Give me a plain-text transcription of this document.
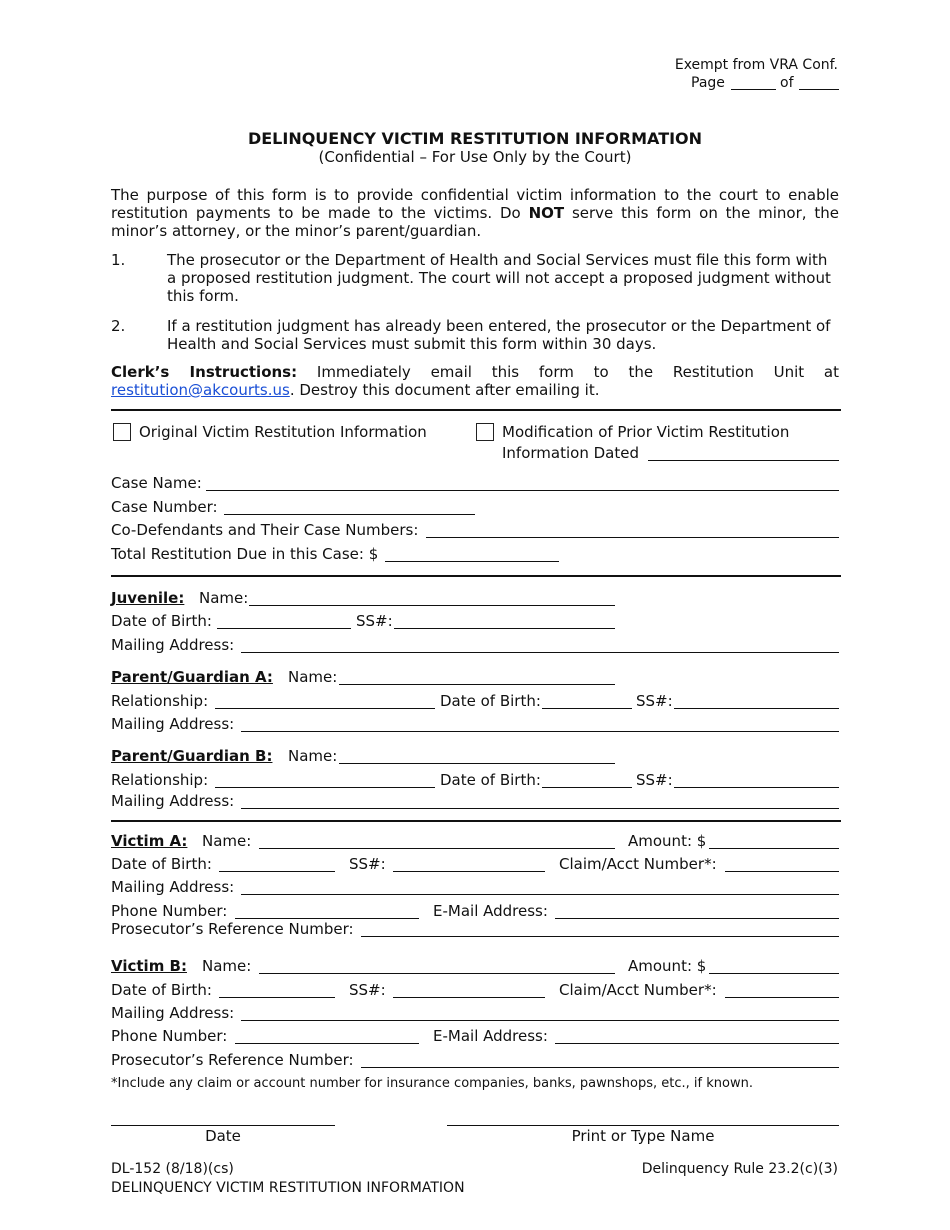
Exempt from VRA Conf.
Page	of
DELINQUENCY VICTIM RESTITUTION INFORMATION
(Confidential – For Use Only by the Court)
The purpose of this form is to provide confidential victim information to the court to enable restitution payments to be made to the victims. Do NOT serve this form on the minor, the minor’s attorney, or the minor’s parent/guardian.
1.	The prosecutor or the Department of Health and Social Services must file this form with a proposed restitution judgment. The court will not accept a proposed judgment without this form.
2.	If a restitution judgment has already been entered, the prosecutor or the Department of Health and Social Services must submit this form within 30 days.
Clerk’s Instructions: Immediately email this form to the Restitution Unit at restitution@akcourts.us. Destroy this document after emailing it.
Original Victim Restitution Information	Modification of Prior Victim Restitution
Information Dated
Case Name:
Case Number:
Co-Defendants and Their Case Numbers:
Total Restitution Due in this Case: $
Juvenile: Name:
Date of Birth:	SS#:
Mailing Address:
Parent/Guardian A: Name:
Relationship:	Date of Birth:	SS#:
Mailing Address:
Parent/Guardian B: Name:
Relationship:	Date of Birth:	SS#:
Mailing Address:
Victim A: Name:	Amount: $
Date of Birth:	SS#:	Claim/Acct Number*:
Mailing Address:
Phone Number:	E-Mail Address:
Prosecutor’s Reference Number:
Victim B: Name:	Amount: $
Date of Birth:	SS#:	Claim/Acct Number*:
Mailing Address:
Phone Number:	E-Mail Address:
Prosecutor’s Reference Number:
*Include any claim or account number for insurance companies, banks, pawnshops, etc., if known.
Date	Print or Type Name
DL-152 (8/18)(cs)
DELINQUENCY VICTIM RESTITUTION INFORMATION
Delinquency Rule 23.2(c)(3)
